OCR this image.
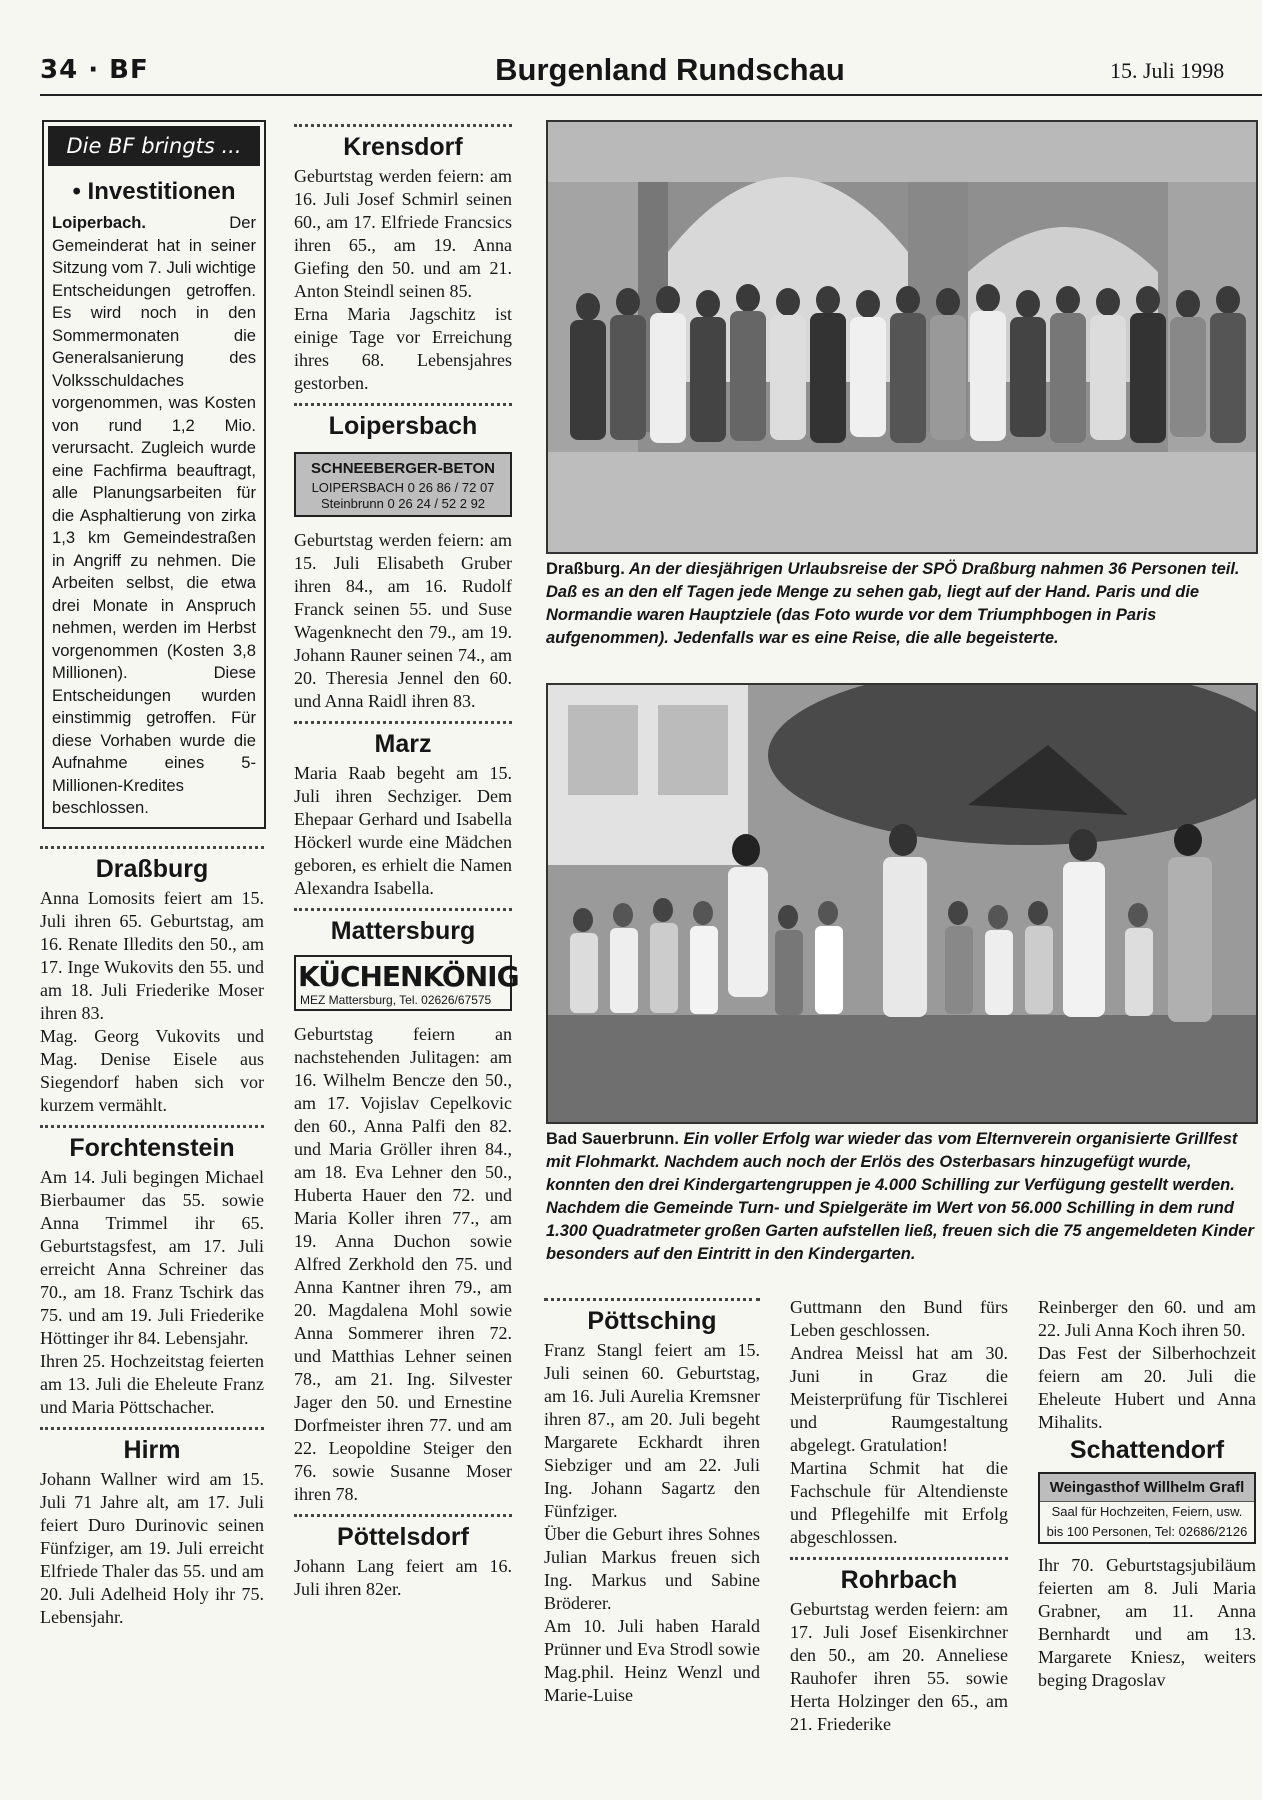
34 · BF	Burgenland Rundschau	15. Juli 1998
Die BF bringts ...
• Investitionen
Loiperbach.	Der Gemeinderat hat in seiner Sitzung vom 7. Juli wichtige Entscheidungen getroffen. Es wird noch in den Sommermonaten die Generalsanierung des Volksschuldaches vorgenommen, was Kosten von rund 1,2 Mio. verursacht. Zugleich wurde eine Fachfirma beauftragt, alle Planungsarbeiten für die Asphaltierung von zirka 1,3 km Gemeindestraßen in Angriff zu nehmen. Die Arbeiten selbst, die etwa drei Monate in Anspruch nehmen, werden im Herbst vorgenommen (Kosten 3,8 Millionen). Diese Entscheidungen wurden einstimmig getroffen. Für diese Vorhaben wurde die Aufnahme eines 5-Millionen-Kredites beschlossen.
Draßburg

Anna Lomosits feiert am 15. Juli ihren 65. Geburtstag, am 16. Renate Illedits den 50., am 17. Inge Wukovits den 55. und am 18. Juli Friederike Moser ihren 83.

Mag. Georg Vukovits und Mag. Denise Eisele aus Siegendorf haben sich vor kurzem vermählt.

Forchtenstein

Am 14. Juli begingen Michael Bierbaumer das 55. sowie Anna Trimmel ihr 65. Geburtstagsfest, am 17. Juli erreicht Anna Schreiner das 70., am 18. Franz Tschirk das 75. und am 19. Juli Friederike Höttinger ihr 84. Lebensjahr.

Ihren 25. Hochzeitstag feierten am 13. Juli die Eheleute Franz und Maria Pöttschacher.

Hirm

Johann Wallner wird am 15. Juli 71 Jahre alt, am 17. Juli feiert Duro Durinovic seinen Fünfziger, am 19. Juli erreicht Elfriede Thaler das 55. und am 20. Juli Adelheid Holy ihr 75. Lebensjahr.

Krensdorf

Geburtstag werden feiern: am 16. Juli Josef Schmirl seinen 60., am 17. Elfriede Francsics ihren 65., am 19. Anna Giefing den 50. und am 21. Anton Steindl seinen 85.

Erna Maria Jagschitz ist einige Tage vor Erreichung ihres 68. Lebensjahres gestorben.

Loipersbach
SCHNEEBERGER-BETON
LOIPERSBACH 0 26 86 / 72 07
Steinbrunn 0 26 24 / 52 2 92

Geburtstag werden feiern: am 15. Juli Elisabeth Gruber ihren 84., am 16. Rudolf Franck seinen 55. und Suse Wagenknecht den 79., am 19. Johann Rauner seinen 74., am 20. Theresia Jennel den 60. und Anna Raidl ihren 83.

Marz

Maria Raab begeht am 15. Juli ihren Sechziger. Dem Ehepaar Gerhard und Isabella Höckerl wurde eine Mädchen geboren, es erhielt die Namen Alexandra Isabella.

Mattersburg
KÜCHENKÖNIG
MEZ Mattersburg, Tel. 02626/67575

Geburtstag feiern an nachstehenden Julitagen: am 16. Wilhelm Bencze den 50., am 17. Vojislav Cepelkovic den 60., Anna Palfi den 82. und Maria Gröller ihren 84., am 18. Eva Lehner den 50., Huberta Hauer den 72. und Maria Koller ihren 77., am 19. Anna Duchon sowie Alfred Zerkhold den 75. und Anna Kantner ihren 79., am 20. Magdalena Mohl sowie Anna Sommerer ihren 72. und Matthias Lehner seinen 78., am 21. Ing. Silvester Jager den 50. und Ernestine Dorfmeister ihren 77. und am 22. Leopoldine Steiger den 76. sowie Susanne Moser ihren 78.

Pöttelsdorf

Johann Lang feiert am 16. Juli ihren 82er.

Draßburg. An der diesjährigen Urlaubsreise der SPÖ Draßburg nahmen 36 Personen teil. Daß es an den elf Tagen jede Menge zu sehen gab, liegt auf der Hand. Paris und die Normandie waren Hauptziele (das Foto wurde vor dem Triumphbogen in Paris aufgenommen). Jedenfalls war es eine Reise, die alle begeisterte.
Bad Sauerbrunn. Ein voller Erfolg war wieder das vom Elternverein organisierte Grillfest mit Flohmarkt. Nachdem auch noch der Erlös des Osterbasars hinzugefügt wurde, konnten den drei Kindergartengruppen je 4.000 Schilling zur Verfügung gestellt werden. Nachdem die Gemeinde Turn- und Spielgeräte im Wert von 56.000 Schilling in dem rund 1.300 Quadratmeter großen Garten aufstellen ließ, freuen sich die 75 angemeldeten Kinder besonders auf den Eintritt in den Kindergarten.
Pöttsching

Franz Stangl feiert am 15. Juli seinen 60. Geburtstag, am 16. Juli Aurelia Kremsner ihren 87., am 20. Juli begeht Margarete Eckhardt ihren Siebziger und am 22. Juli Ing. Johann Sagartz den Fünfziger.

Über die Geburt ihres Sohnes Julian Markus freuen sich Ing. Markus und Sabine Bröderer.

Am 10. Juli haben Harald Prünner und Eva Strodl sowie Mag.phil. Heinz Wenzl und Marie-Luise

Guttmann den Bund fürs Leben geschlossen.

Andrea Meissl hat am 30. Juni in Graz die Meisterprüfung für Tischlerei und Raumgestaltung abgelegt. Gratulation!

Martina Schmit hat die Fachschule für Altendienste und Pflegehilfe mit Erfolg abgeschlossen.

Rohrbach

Geburtstag werden feiern: am 17. Juli Josef Eisenkirchner den 50., am 20. Anneliese Rauhofer ihren 55. sowie Herta Holzinger den 65., am 21. Friederike

Reinberger den 60. und am 22. Juli Anna Koch ihren 50.

Das Fest der Silberhochzeit feiern am 20. Juli die Eheleute Hubert und Anna Mihalits.

Schattendorf
Weingasthof Willhelm Grafl
Saal für Hochzeiten, Feiern, usw.
bis 100 Personen, Tel: 02686/2126

Ihr 70. Geburtstagsjubiläum feierten am 8. Juli Maria Grabner, am 11. Anna Bernhardt und am 13. Margarete Kniesz, weiters beging Dragoslav
